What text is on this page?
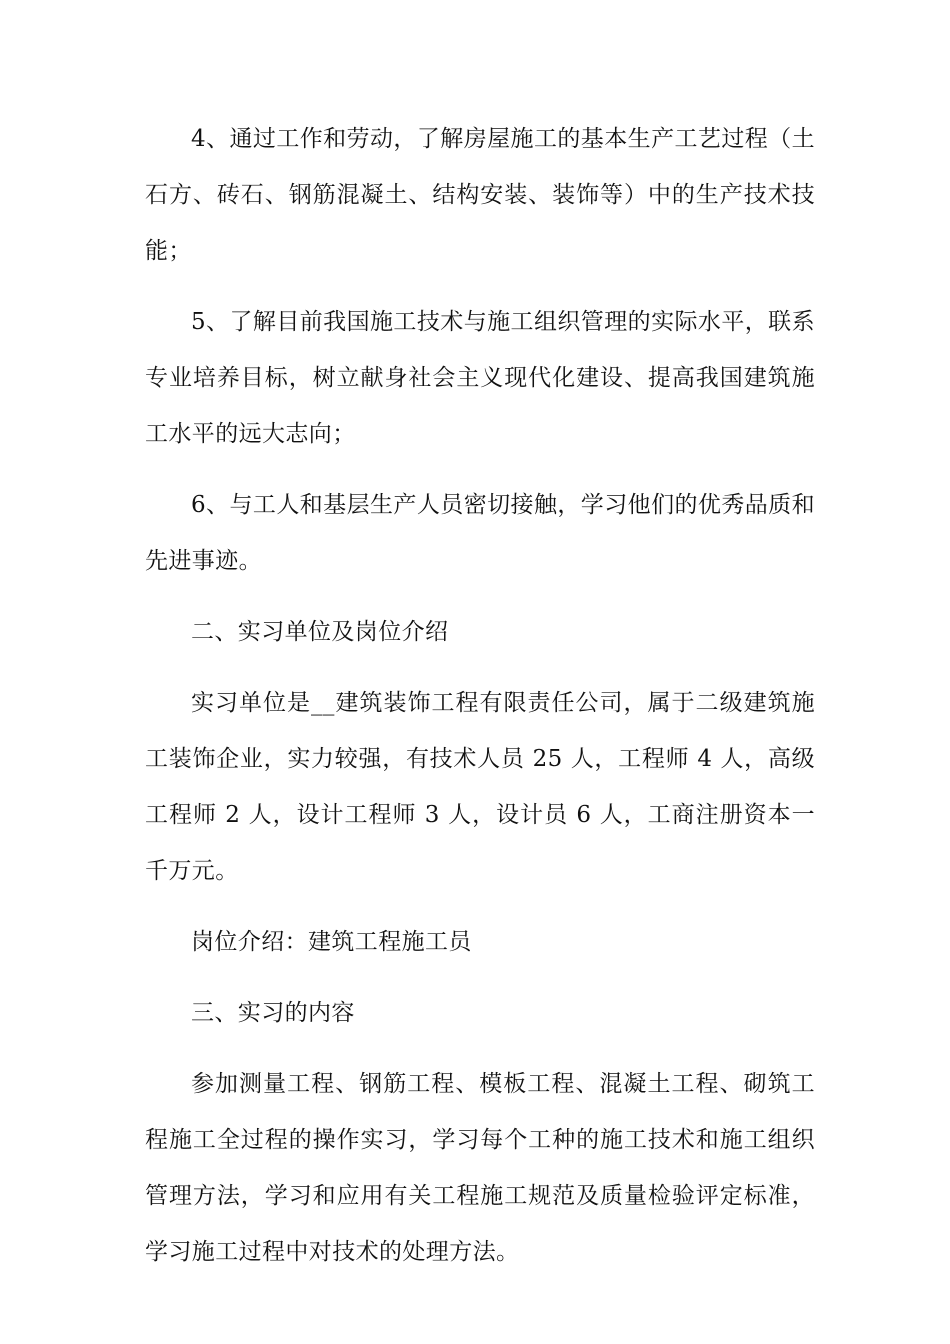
4、通过工作和劳动，了解房屋施工的基本生产工艺过程（土石方、砖石、钢筋混凝土、结构安装、装饰等）中的生产技术技能；

5、了解目前我国施工技术与施工组织管理的实际水平，联系专业培养目标，树立献身社会主义现代化建设、提高我国建筑施工水平的远大志向；

6、与工人和基层生产人员密切接触，学习他们的优秀品质和先进事迹。

二、实习单位及岗位介绍

实习单位是__建筑装饰工程有限责任公司，属于二级建筑施工装饰企业，实力较强，有技术人员 25 人，工程师 4 人，高级工程师 2 人，设计工程师 3 人，设计员 6 人，工商注册资本一千万元。

岗位介绍：建筑工程施工员

三、实习的内容

参加测量工程、钢筋工程、模板工程、混凝土工程、砌筑工程施工全过程的操作实习，学习每个工种的施工技术和施工组织管理方法，学习和应用有关工程施工规范及质量检验评定标准，学习施工过程中对技术的处理方法。
